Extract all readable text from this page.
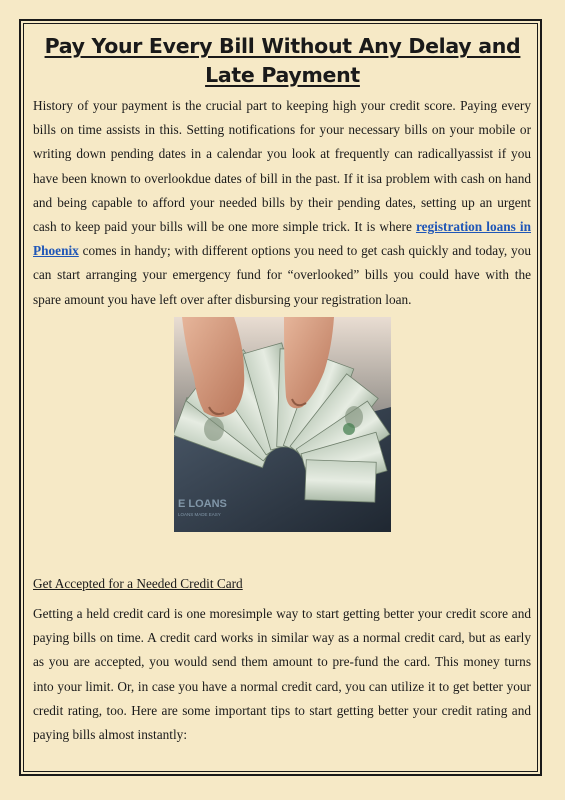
Pay Your Every Bill Without Any Delay and Late Payment

History of your payment is the crucial part to keeping high your credit score. Paying every bills on time assists in this. Setting notifications for your necessary bills on your mobile or writing down pending dates in a calendar you look at frequently can radicallyassist if you have been known to overlookdue dates of bill in the past. If it isa problem with cash on hand and being capable to afford your needed bills by their pending dates, setting up an urgent cash to keep paid your bills will be one more simple trick. It is where registration loans in Phoenix comes in handy; with different options you need to get cash quickly and today, you can start arranging your emergency fund for “overlooked” bills you could have with the spare amount you have left over after disbursing your registration loan.

E LOANS
LOANS MADE EASY

Get Accepted for a Needed Credit Card

Getting a held credit card is one moresimple way to start getting better your credit score and paying bills on time. A credit card works in similar way as a normal credit card, but as early as you are accepted, you would send them amount to pre-fund the card. This money turns into your limit. Or, in case you have a normal credit card, you can utilize it to get better your credit rating, too. Here are some important tips to start getting better your credit rating and paying bills almost instantly:
